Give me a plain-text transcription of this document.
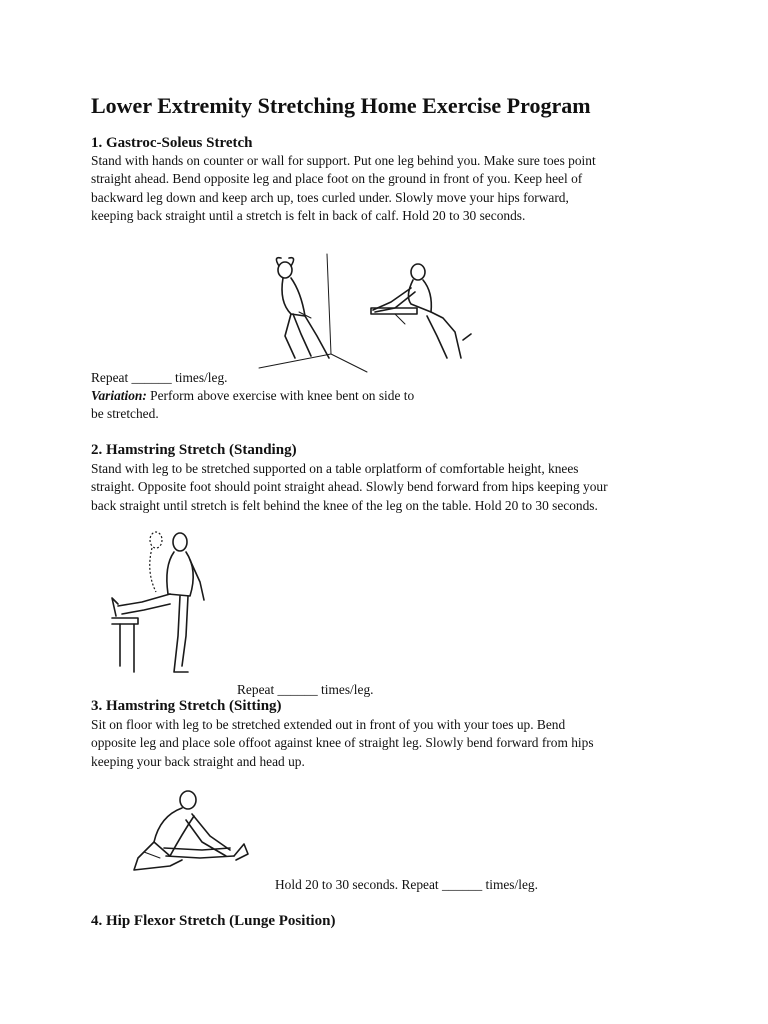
Lower Extremity Stretching Home Exercise Program
1. Gastroc-Soleus Stretch
Stand with hands on counter or wall for support. Put one leg behind you. Make sure toes point
straight ahead. Bend opposite leg and place foot on the ground in front of you. Keep heel of
backward leg down and keep arch up, toes curled under. Slowly move your hips forward,
keeping back straight until a stretch is felt in back of calf. Hold 20 to 30 seconds.
Repeat ______ times/leg.
Variation: Perform above exercise with knee bent on side to
be stretched.
2. Hamstring Stretch (Standing)
Stand with leg to be stretched supported on a table orplatform of comfortable height, knees
straight. Opposite foot should point straight ahead. Slowly bend forward from hips keeping your
back straight until stretch is felt behind the knee of the leg on the table. Hold 20 to 30 seconds.
Repeat ______ times/leg.
3. Hamstring Stretch (Sitting)
Sit on floor with leg to be stretched extended out in front of you with your toes up. Bend
opposite leg and place sole offoot against knee of straight leg. Slowly bend forward from hips
keeping your back straight and head up.
Hold 20 to 30 seconds. Repeat ______ times/leg.
4. Hip Flexor Stretch (Lunge Position)
